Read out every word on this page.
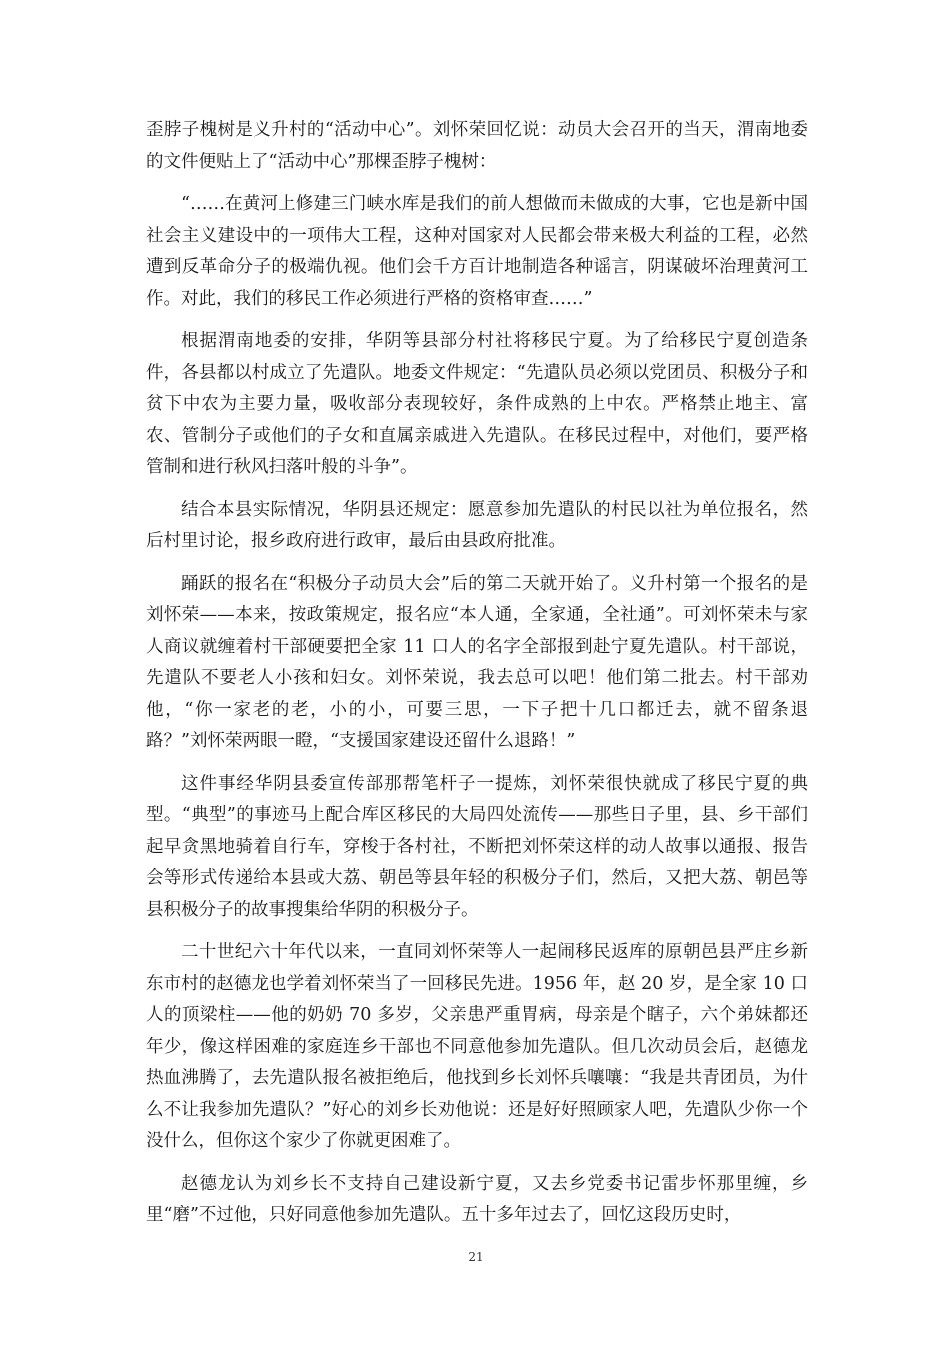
歪脖子槐树是义升村的“活动中心”。刘怀荣回忆说：动员大会召开的当天，渭南地委的文件便贴上了“活动中心”那棵歪脖子槐树：

“……在黄河上修建三门峡水库是我们的前人想做而未做成的大事，它也是新中国社会主义建设中的一项伟大工程，这种对国家对人民都会带来极大利益的工程，必然遭到反革命分子的极端仇视。他们会千方百计地制造各种谣言，阴谋破坏治理黄河工作。对此，我们的移民工作必须进行严格的资格审查……”

根据渭南地委的安排，华阴等县部分村社将移民宁夏。为了给移民宁夏创造条件，各县都以村成立了先遣队。地委文件规定：“先遣队员必须以党团员、积极分子和贫下中农为主要力量，吸收部分表现较好，条件成熟的上中农。严格禁止地主、富农、管制分子或他们的子女和直属亲戚进入先遣队。在移民过程中，对他们，要严格管制和进行秋风扫落叶般的斗争”。

结合本县实际情况，华阴县还规定：愿意参加先遣队的村民以社为单位报名，然后村里讨论，报乡政府进行政审，最后由县政府批准。

踊跃的报名在“积极分子动员大会”后的第二天就开始了。义升村第一个报名的是刘怀荣——本来，按政策规定，报名应“本人通，全家通，全社通”。可刘怀荣未与家人商议就缠着村干部硬要把全家 11 口人的名字全部报到赴宁夏先遣队。村干部说，先遣队不要老人小孩和妇女。刘怀荣说，我去总可以吧！他们第二批去。村干部劝他，“你一家老的老，小的小，可要三思，一下子把十几口都迁去，就不留条退路？”刘怀荣两眼一瞪，“支援国家建设还留什么退路！”

这件事经华阴县委宣传部那帮笔杆子一提炼，刘怀荣很快就成了移民宁夏的典型。“典型”的事迹马上配合库区移民的大局四处流传——那些日子里，县、乡干部们起早贪黑地骑着自行车，穿梭于各村社，不断把刘怀荣这样的动人故事以通报、报告会等形式传递给本县或大荔、朝邑等县年轻的积极分子们，然后，又把大荔、朝邑等县积极分子的故事搜集给华阴的积极分子。

二十世纪六十年代以来，一直同刘怀荣等人一起闹移民返库的原朝邑县严庄乡新东市村的赵德龙也学着刘怀荣当了一回移民先进。1956 年，赵 20 岁，是全家 10 口人的顶梁柱——他的奶奶 70 多岁，父亲患严重胃病，母亲是个瞎子，六个弟妹都还年少，像这样困难的家庭连乡干部也不同意他参加先遣队。但几次动员会后，赵德龙热血沸腾了，去先遣队报名被拒绝后，他找到乡长刘怀兵嚷嚷：“我是共青团员，为什么不让我参加先遣队？”好心的刘乡长劝他说：还是好好照顾家人吧，先遣队少你一个没什么，但你这个家少了你就更困难了。

赵德龙认为刘乡长不支持自己建设新宁夏，又去乡党委书记雷步怀那里缠，乡里“磨”不过他，只好同意他参加先遣队。五十多年过去了，回忆这段历史时，

21
